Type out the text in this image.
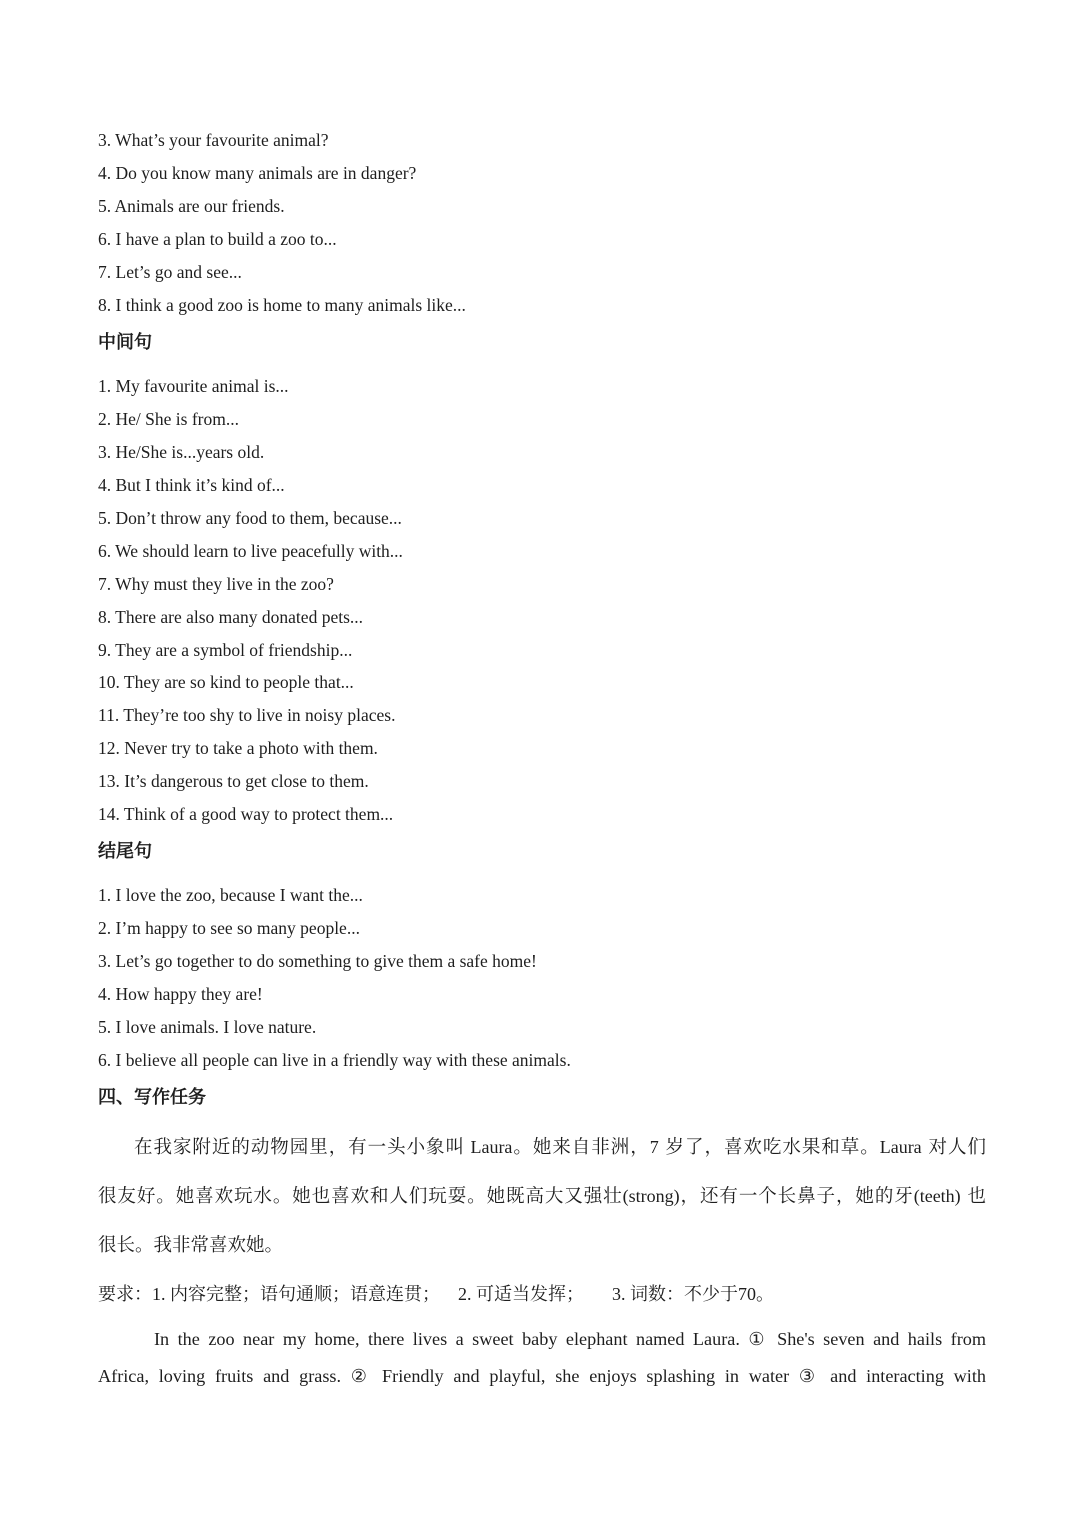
3. What’s your favourite animal?
4. Do you know many animals are in danger?
5. Animals are our friends.
6. I have a plan to build a zoo to...
7. Let’s go and see...
8. I think a good zoo is home to many animals like...
中间句
1. My favourite animal is...
2. He/ She is from...
3. He/She is...years old.
4. But I think it’s kind of...
5. Don’t throw any food to them, because...
6. We should learn to live peacefully with...
7. Why must they live in the zoo?
8. There are also many donated pets...
9. They are a symbol of friendship...
10. They are so kind to people that...
11. They’re too shy to live in noisy places.
12. Never try to take a photo with them.
13. It’s dangerous to get close to them.
14. Think of a good way to protect them...
结尾句
1. I love the zoo, because I want the...
2. I’m happy to see so many people...
3. Let’s go together to do something to give them a safe home!
4. How happy they are!
5. I love animals. I love nature.
6. I believe all people can live in a friendly way with these animals.
四、写作任务
在我家附近的动物园里，有一头小象叫 Laura。她来自非洲，7 岁了，喜欢吃水果和草。Laura 对人们
很友好。她喜欢玩水。她也喜欢和人们玩耍。她既高大又强壮(strong)，还有一个长鼻子，她的牙(teeth) 也
很长。我非常喜欢她。
要求：1. 内容完整；语句通顺；语意连贯； 2. 可适当发挥； 3. 词数：不少于70。
In the zoo near my home, there lives a sweet baby elephant named Laura. ① She's seven and hails from
Africa, loving fruits and grass. ② Friendly and playful, she enjoys splashing in water ③ and interacting with
